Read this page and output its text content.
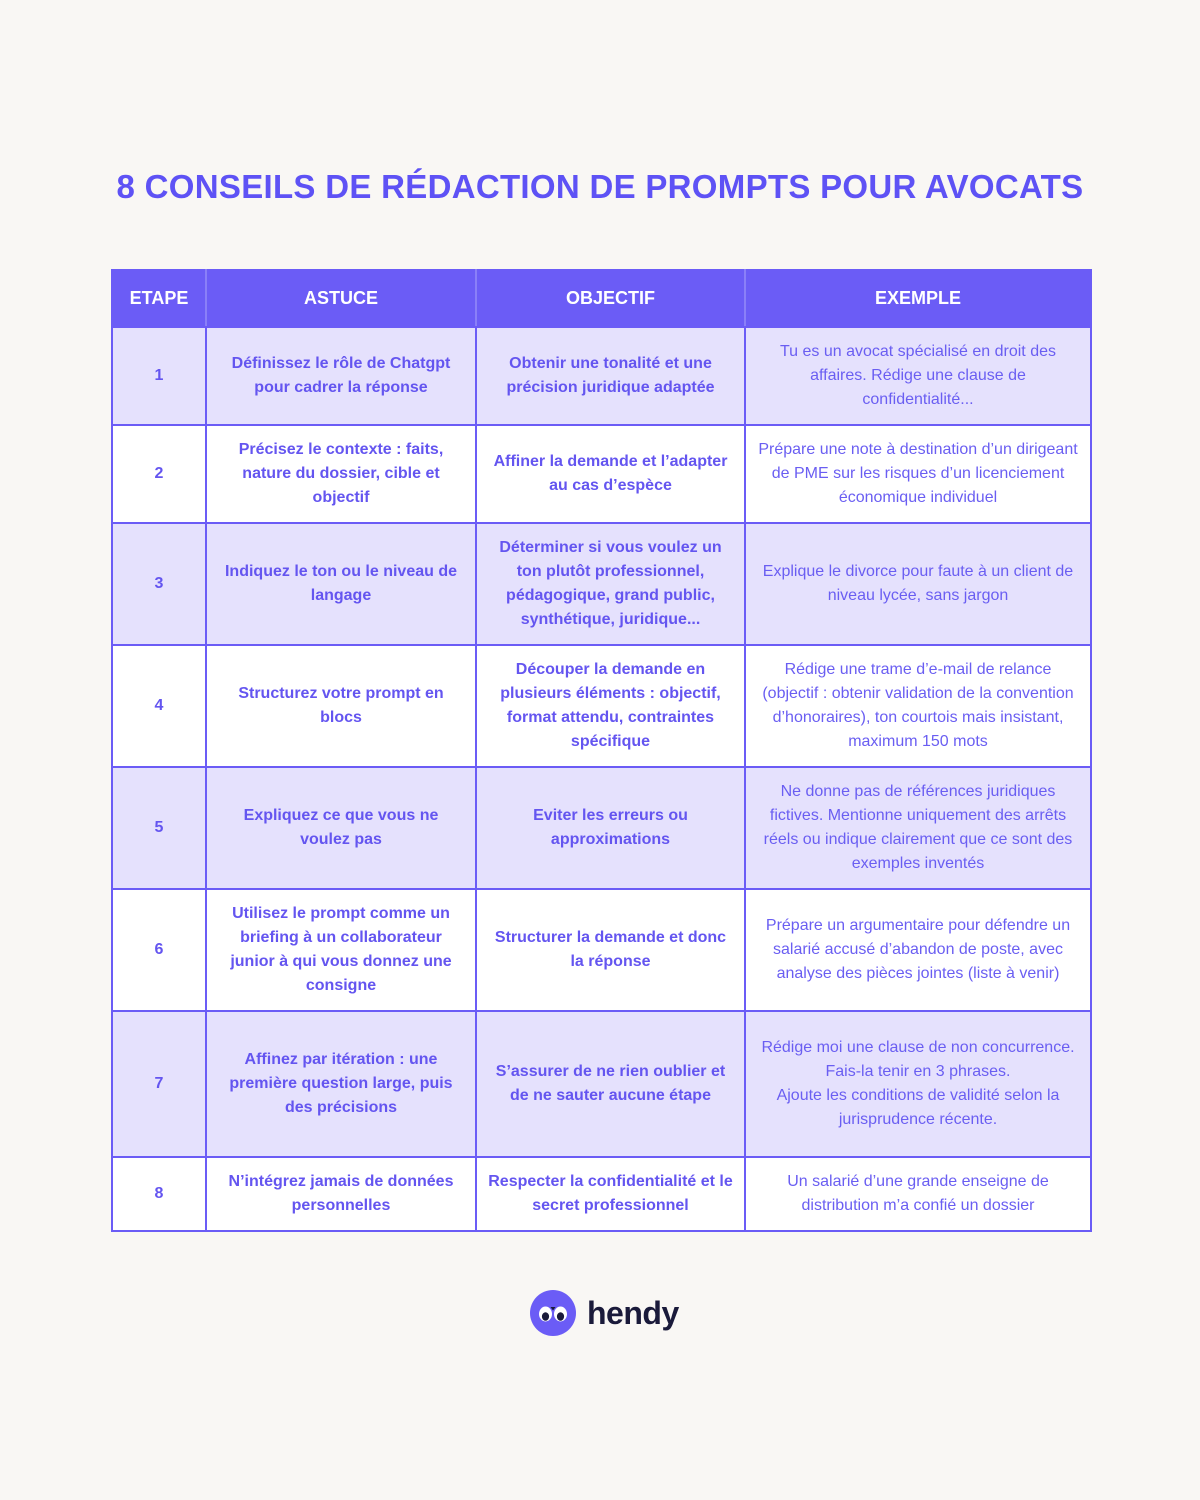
8 CONSEILS DE RÉDACTION DE PROMPTS POUR AVOCATS
ETAPE	ASTUCE	OBJECTIF	EXEMPLE
1	Définissez le rôle de Chatgpt pour cadrer la réponse	Obtenir une tonalité et une précision juridique adaptée	Tu es un avocat spécialisé en droit des affaires. Rédige une clause de confidentialité...
2	Précisez le contexte : faits, nature du dossier, cible et objectif	Affiner la demande et l’adapter au cas d’espèce	Prépare une note à destination d’un dirigeant de PME sur les risques d’un licenciement économique individuel
3	Indiquez le ton ou le niveau de langage	Déterminer si vous voulez un ton plutôt professionnel, pédagogique, grand public, synthétique, juridique...	Explique le divorce pour faute à un client de niveau lycée, sans jargon
4	Structurez votre prompt en blocs	Découper la demande en plusieurs éléments : objectif, format attendu, contraintes spécifique	Rédige une trame d’e-mail de relance (objectif : obtenir validation de la convention d’honoraires), ton courtois mais insistant, maximum 150 mots
5	Expliquez ce que vous ne voulez pas	Eviter les erreurs ou approximations	Ne donne pas de références juridiques fictives. Mentionne uniquement des arrêts réels ou indique clairement que ce sont des exemples inventés
6	Utilisez le prompt comme un briefing à un collaborateur junior à qui vous donnez une consigne	Structurer la demande et donc la réponse	Prépare un argumentaire pour défendre un salarié accusé d’abandon de poste, avec analyse des pièces jointes (liste à venir)
7	Affinez par itération : une première question large, puis des précisions	S’assurer de ne rien oublier et de ne sauter aucune étape	Rédige moi une clause de non concurrence.
Fais-la tenir en 3 phrases.
Ajoute les conditions de validité selon la jurisprudence récente.

8	N’intégrez jamais de données personnelles	Respecter la confidentialité et le secret professionnel	Un salarié d’une grande enseigne de distribution m’a confié un dossier
hendy
